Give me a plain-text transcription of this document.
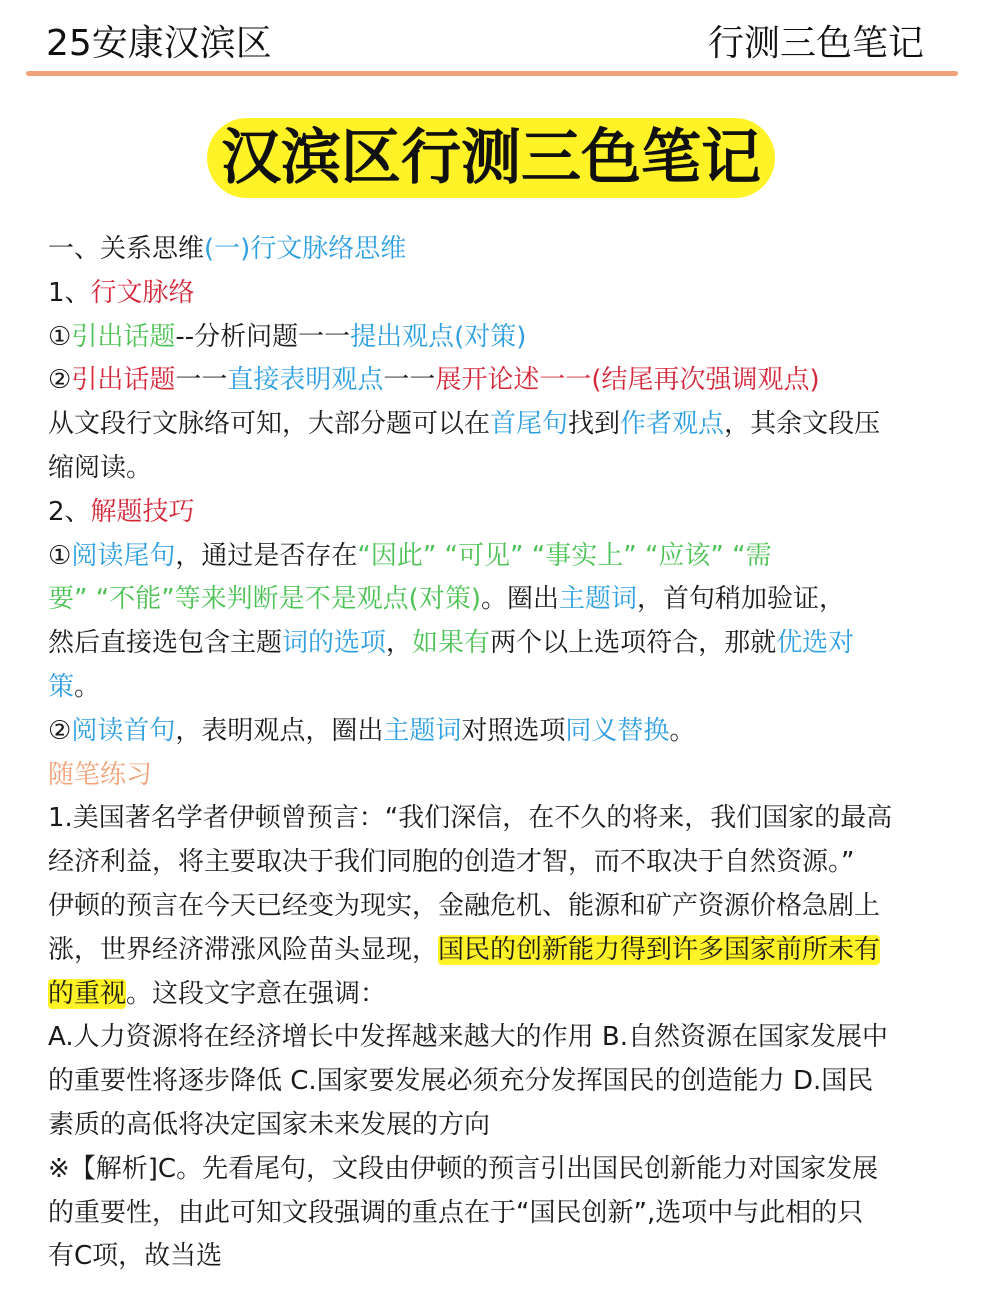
25安康汉滨区	行测三色笔记
汉滨区行测三色笔记
一、关系思维(一)行文脉络思维
1、行文脉络
①引出话题--分析问题一一提出观点(对策)
②引出话题一一直接表明观点一一展开论述一一(结尾再次强调观点)
从文段行文脉络可知，大部分题可以在首尾句找到作者观点，其余文段压
缩阅读。
2、解题技巧
①阅读尾句，通过是否存在“因此” “可见” “事实上” “应该” “需
要” “不能”等来判断是不是观点(对策)。圈出主题词，首句稍加验证，
然后直接选包含主题词的选项，如果有两个以上选项符合，那就优选对
策。
②阅读首句，表明观点，圈出主题词对照选项同义替换。
随笔练习
1.美国著名学者伊顿曾预言：“我们深信，在不久的将来，我们国家的最高
经济利益，将主要取决于我们同胞的创造才智，而不取决于自然资源。”
伊顿的预言在今天已经变为现实，金融危机、能源和矿产资源价格急剧上
涨，世界经济滞涨风险苗头显现，国民的创新能力得到许多国家前所未有
的重视。这段文字意在强调：
A.人力资源将在经济增长中发挥越来越大的作用 B.自然资源在国家发展中
的重要性将逐步降低 C.国家要发展必须充分发挥国民的创造能力 D.国民
素质的高低将决定国家未来发展的方向
※【解析]C。先看尾句，文段由伊顿的预言引出国民创新能力对国家发展
的重要性，由此可知文段强调的重点在于“国民创新”,选项中与此相的只
有C项，故当选
